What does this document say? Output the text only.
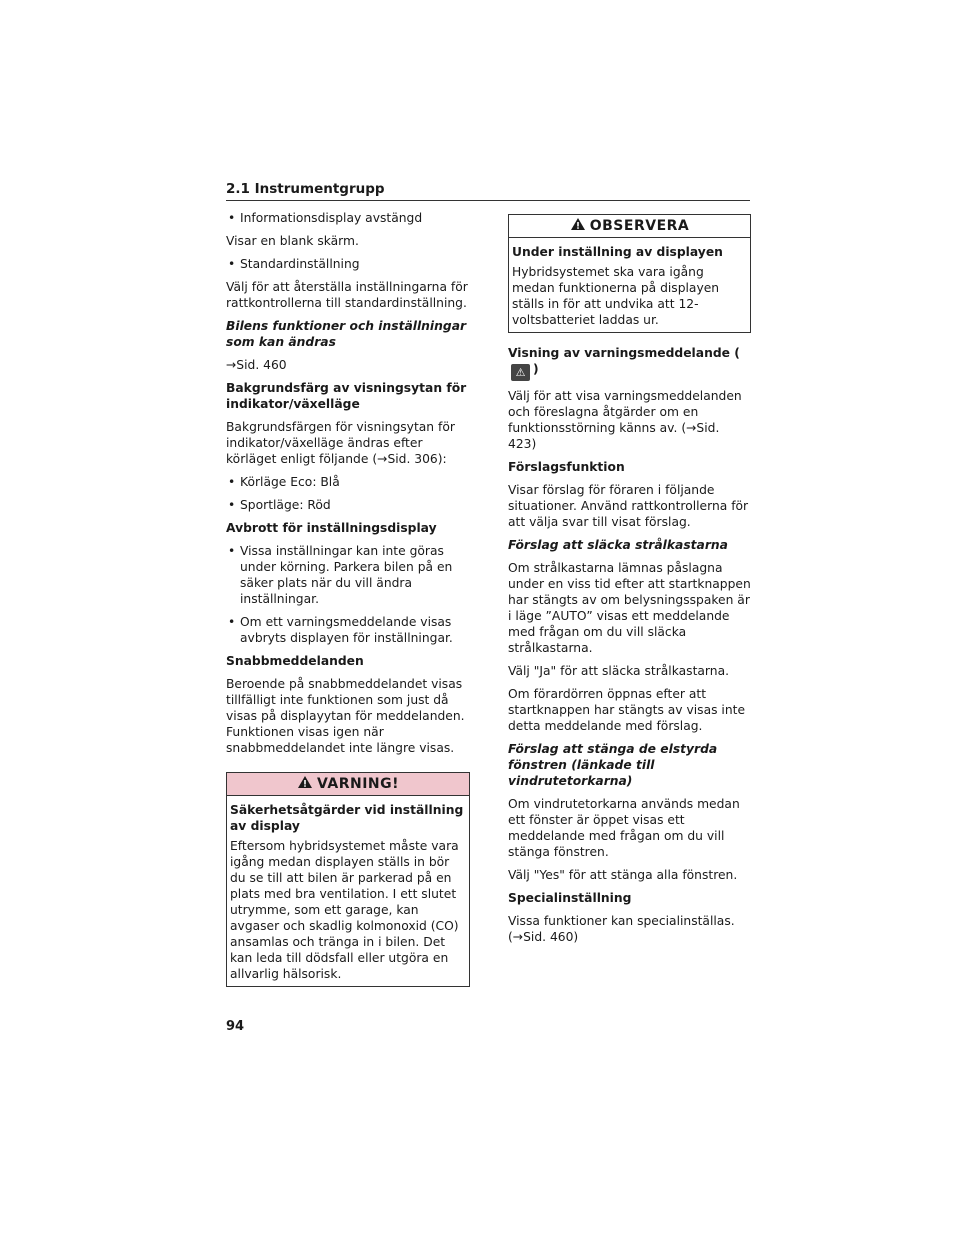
2.1 Instrumentgrupp
• Informationsdisplay avstängd

Visar en blank skärm.

• Standardinställning

Välj för att återställa inställningarna för rattkontrollerna till standardinställning.

Bilens funktioner och inställningar som kan ändras

→Sid. 460

Bakgrundsfärg av visningsytan för indikator/växelläge

Bakgrundsfärgen för visningsytan för indikator/växelläge ändras efter körläget enligt följande (→Sid. 306):

• Körläge Eco: Blå
• Sportläge: Röd
Avbrott för inställningsdisplay
• Vissa inställningar kan inte göras under körning. Parkera bilen på en säker plats när du vill ändra inställningar.
• Om ett varningsmeddelande visas avbryts displayen för inställningar.
Snabbmeddelanden

Beroende på snabbmeddelandet visas tillfälligt inte funktionen som just då visas på displayytan för meddelanden. Funktionen visas igen när snabbmeddelandet inte längre visas.

VARNING!
Säkerhetsåtgärder vid inställning av display

Eftersom hybridsystemet måste vara igång medan displayen ställs in bör du se till att bilen är parkerad på en plats med bra ventilation. I ett slutet utrymme, som ett garage, kan avgaser och skadlig kolmonoxid (CO) ansamlas och tränga in i bilen. Det kan leda till dödsfall eller utgöra en allvarlig hälsorisk.

OBSERVERA
Under inställning av displayen

Hybridsystemet ska vara igång medan funktionerna på displayen ställs in för att undvika att 12-voltsbatteriet laddas ur.

Visning av varningsmeddelande (⚠ )

Välj för att visa varningsmeddelanden och föreslagna åtgärder om en funktionsstörning känns av. (→Sid. 423)

Förslagsfunktion

Visar förslag för föraren i följande situationer. Använd rattkontrollerna för att välja svar till visat förslag.

Förslag att släcka strålkastarna

Om strålkastarna lämnas påslagna under en viss tid efter att startknappen har stängts av om belysningsspaken är i läge ”AUTO” visas ett meddelande med frågan om du vill släcka strålkastarna.

Välj "Ja" för att släcka strålkastarna.

Om förardörren öppnas efter att startknappen har stängts av visas inte detta meddelande med förslag.

Förslag att stänga de elstyrda fönstren (länkade till vindrutetorkarna)

Om vindrutetorkarna används medan ett fönster är öppet visas ett meddelande med frågan om du vill stänga fönstren.

Välj "Yes" för att stänga alla fönstren.

Specialinställning

Vissa funktioner kan specialinställas. (→Sid. 460)

94
